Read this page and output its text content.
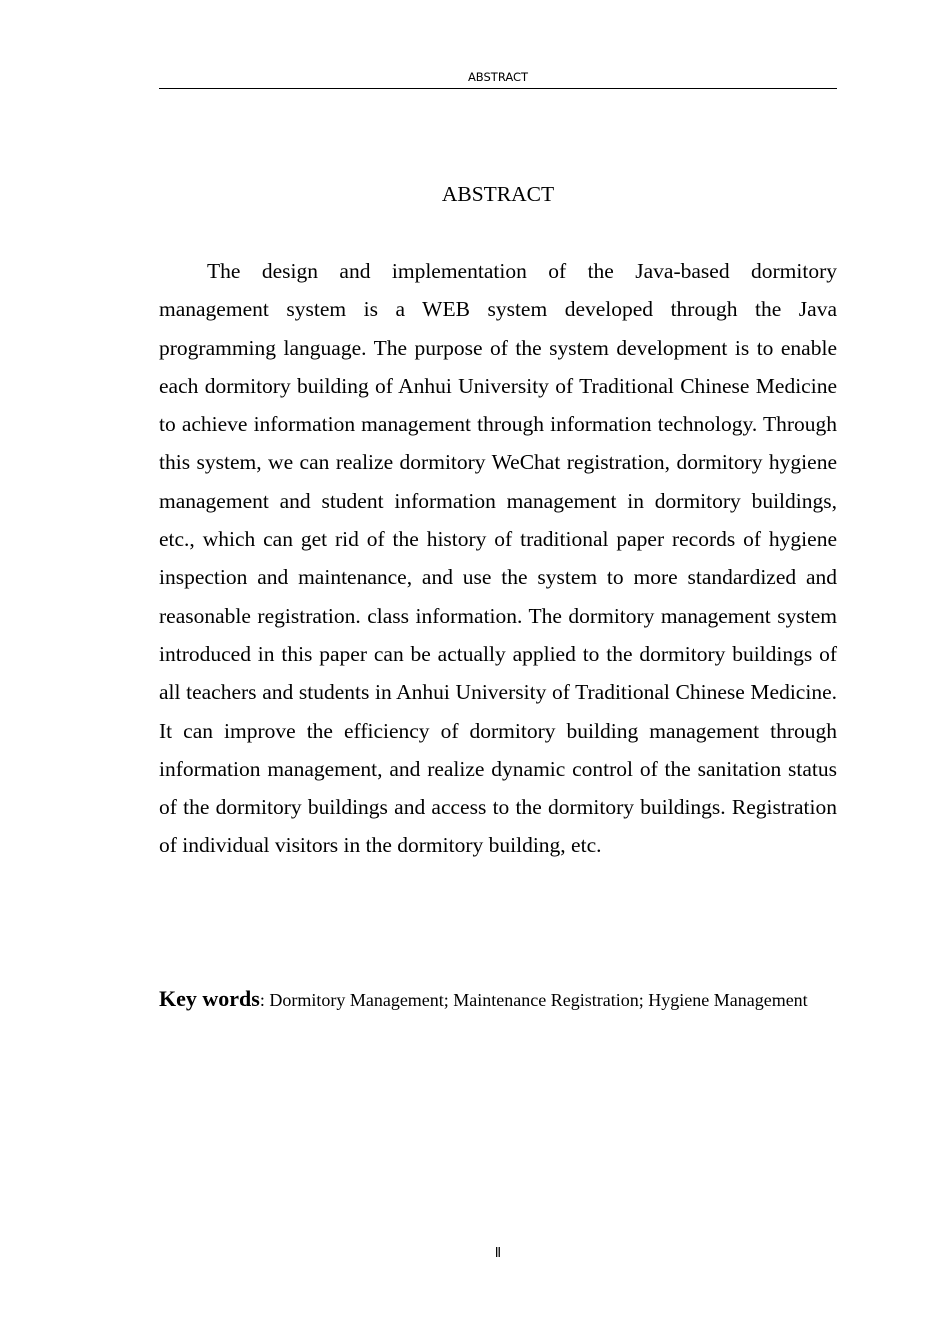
ABSTRACT
ABSTRACT

The design and implementation of the Java-based dormitory management system is a WEB system developed through the Java programming language. The purpose of the system development is to enable each dormitory building of Anhui University of Traditional Chinese Medicine to achieve information management through information technology. Through this system, we can realize dormitory WeChat registration, dormitory hygiene management and student information management in dormitory buildings, etc., which can get rid of the history of traditional paper records of hygiene inspection and maintenance, and use the system to more standardized and reasonable registration. class information. The dormitory management system introduced in this paper can be actually applied to the dormitory buildings of all teachers and students in Anhui University of Traditional Chinese Medicine. It can improve the efficiency of dormitory building management through information management, and realize dynamic control of the sanitation status of the dormitory buildings and access to the dormitory buildings. Registration of individual visitors in the dormitory building, etc.

Key words: Dormitory Management; Maintenance Registration; Hygiene Management

Ⅱ
